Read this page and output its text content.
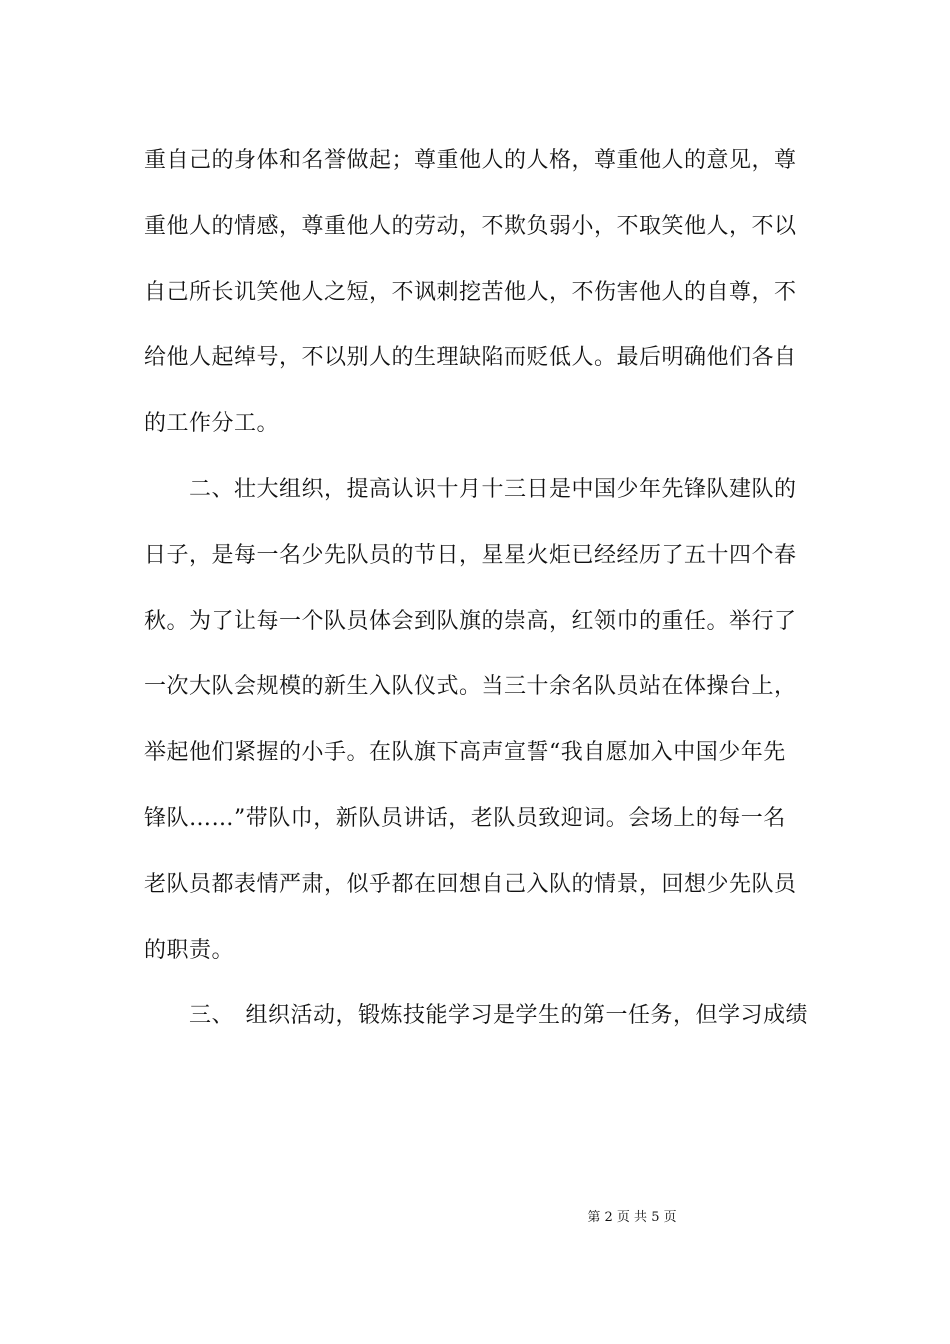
重自己的身体和名誉做起；尊重他人的人格，尊重他人的意见，尊
重他人的情感，尊重他人的劳动，不欺负弱小，不取笑他人，不以
自己所长讥笑他人之短，不讽刺挖苦他人，不伤害他人的自尊，不
给他人起绰号，不以别人的生理缺陷而贬低人。最后明确他们各自
的工作分工。
　　二、壮大组织，提高认识十月十三日是中国少年先锋队建队的
日子，是每一名少先队员的节日，星星火炬已经经历了五十四个春
秋。为了让每一个队员体会到队旗的崇高，红领巾的重任。举行了
一次大队会规模的新生入队仪式。当三十余名队员站在体操台上，
举起他们紧握的小手。在队旗下高声宣誓“我自愿加入中国少年先
锋队……”带队巾，新队员讲话，老队员致迎词。会场上的每一名
老队员都表情严肃，似乎都在回想自己入队的情景，回想少先队员
的职责。
　　三、　组织活动，锻炼技能学习是学生的第一任务，但学习成绩
第 2 页 共 5 页
